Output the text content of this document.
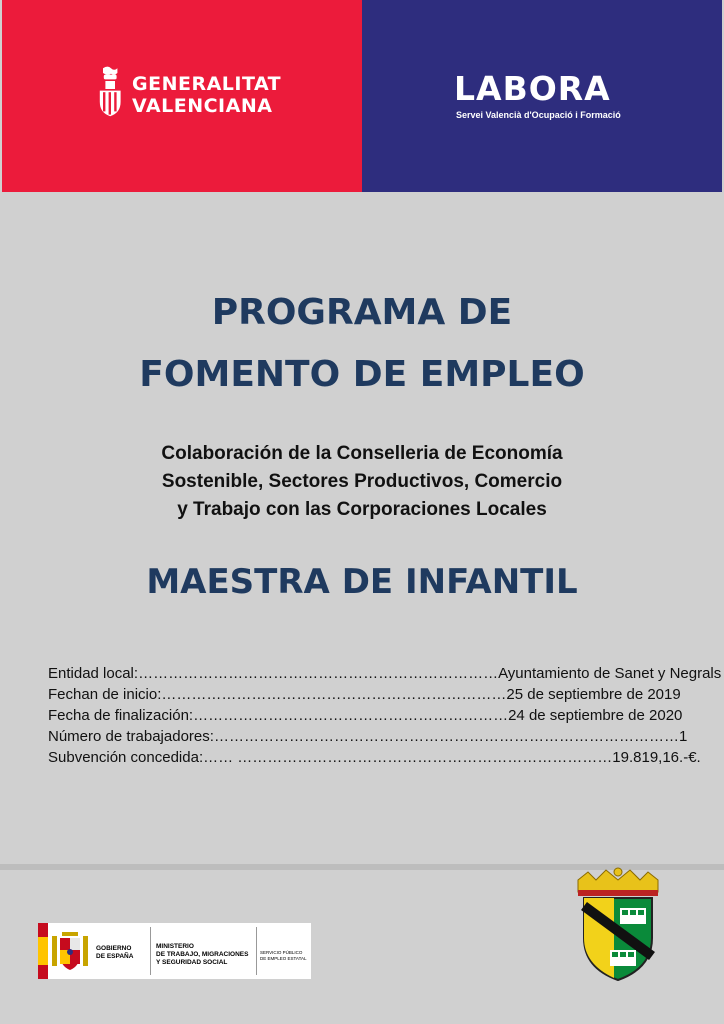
GENERALITAT
VALENCIANA	LABORA
Servei Valencià d'Ocupació i Formació
PROGRAMA DE
FOMENTO DE EMPLEO
Colaboración de la Conselleria de Economía
Sostenible, Sectores Productivos, Comercio
y Trabajo con las Corporaciones Locales
MAESTRA DE INFANTIL
Entidad local:………………………………………………………………Ayuntamiento de Sanet y Negrals
Fechan de inicio:……………………………………………………………25 de septiembre de 2019
Fecha de finalización:………………………………………………………24 de septiembre de 2020
Número de trabajadores:…………………………………………………………………………………1
Subvención concedida:…… …………………………………………………………………19.819,16.-€.
GOBIERNO
DE ESPAÑA
MINISTERIO
DE TRABAJO, MIGRACIONES
Y SEGURIDAD SOCIAL
SERVICIO PÚBLICO
DE EMPLEO ESTATAL
